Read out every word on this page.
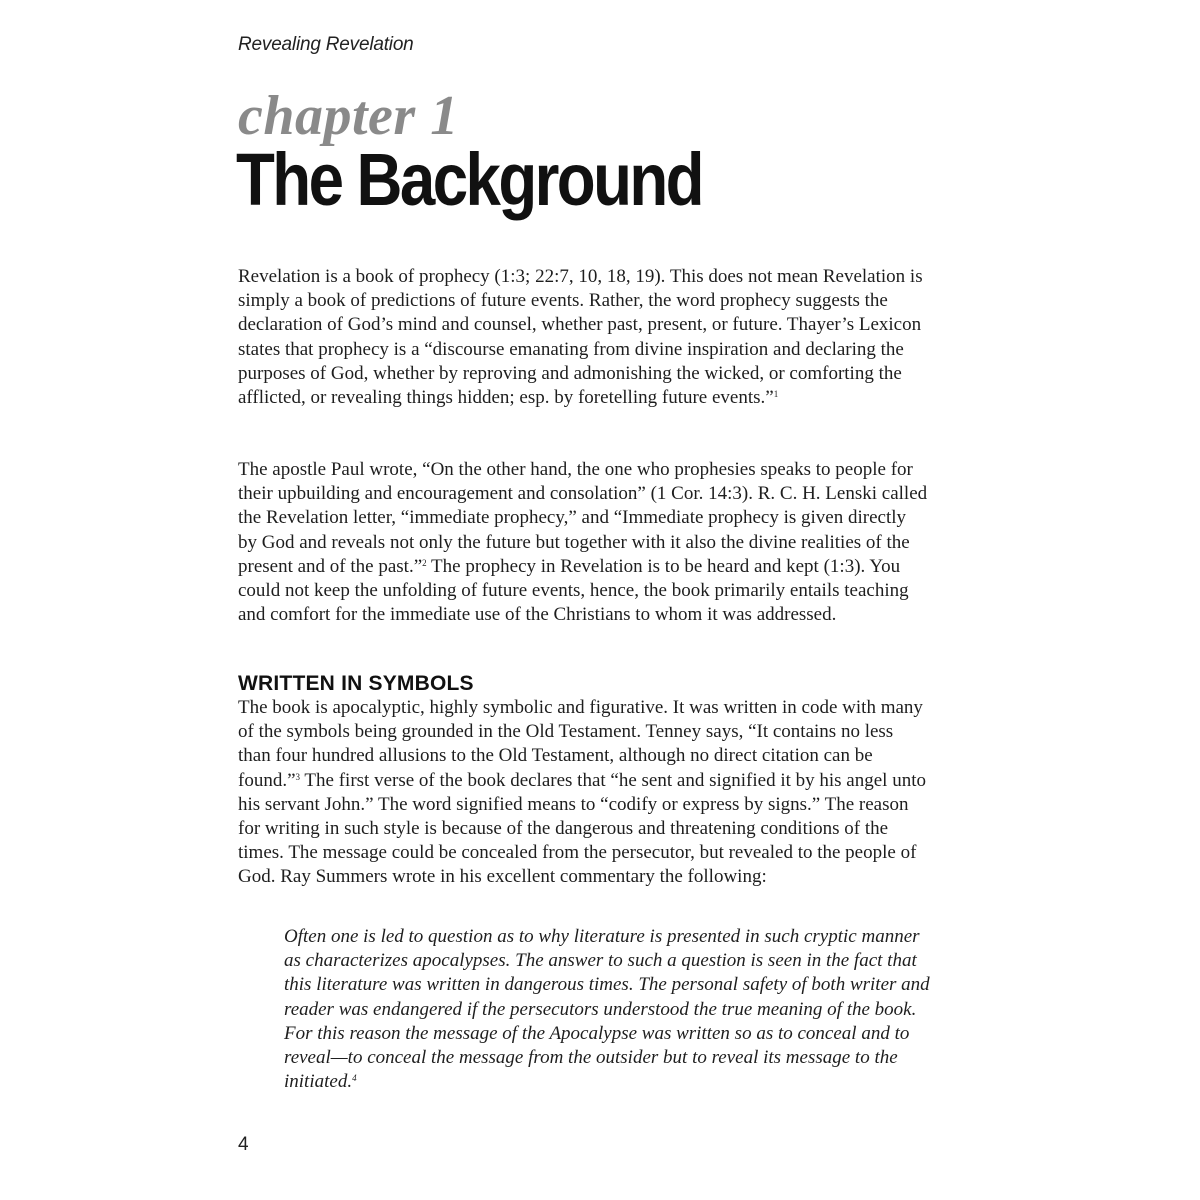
Revealing Revelation
chapter 1
The Background

Revelation is a book of prophecy (1:3; 22:7, 10, 18, 19). This does not mean Revelation is simply a book of predictions of future events. Rather, the word prophecy suggests the declaration of God’s mind and counsel, whether past, present, or future. Thayer’s Lexicon states that prophecy is a “discourse emanating from divine inspiration and declaring the purposes of God, whether by reproving and admonishing the wicked, or comforting the afflicted, or revealing things hidden; esp. by foretelling future events.”$^1$

The apostle Paul wrote, “On the other hand, the one who prophesies speaks to people for their upbuilding and encouragement and consolation” (1 Cor. 14:3). R. C. H. Lenski called the Revelation letter, “immediate prophecy,” and “Immediate prophecy is given directly by God and reveals not only the future but together with it also the divine realities of the present and of the past.”$^2$ The prophecy in Revelation is to be heard and kept (1:3). You could not keep the unfolding of future events, hence, the book primarily entails teaching and comfort for the immediate use of the Christians to whom it was addressed.

WRITTEN IN SYMBOLS

The book is apocalyptic, highly symbolic and figurative. It was written in code with many of the symbols being grounded in the Old Testament. Tenney says, “It contains no less than four hundred allusions to the Old Testament, although no direct citation can be found.”$^3$ The first verse of the book declares that “he sent and signified it by his angel unto his servant John.” The word signified means to “codify or express by signs.” The reason for writing in such style is because of the dangerous and threatening conditions of the times. The message could be concealed from the persecutor, but revealed to the people of God. Ray Summers wrote in his excellent commentary the following:

Often one is led to question as to why literature is presented in such cryptic manner as characterizes apocalypses. The answer to such a question is seen in the fact that this literature was written in dangerous times. The personal safety of both writer and reader was endangered if the persecutors understood the true meaning of the book. For this reason the message of the Apocalypse was written so as to conceal and to reveal—to conceal the message from the outsider but to reveal its message to the initiated.$^4$

4
